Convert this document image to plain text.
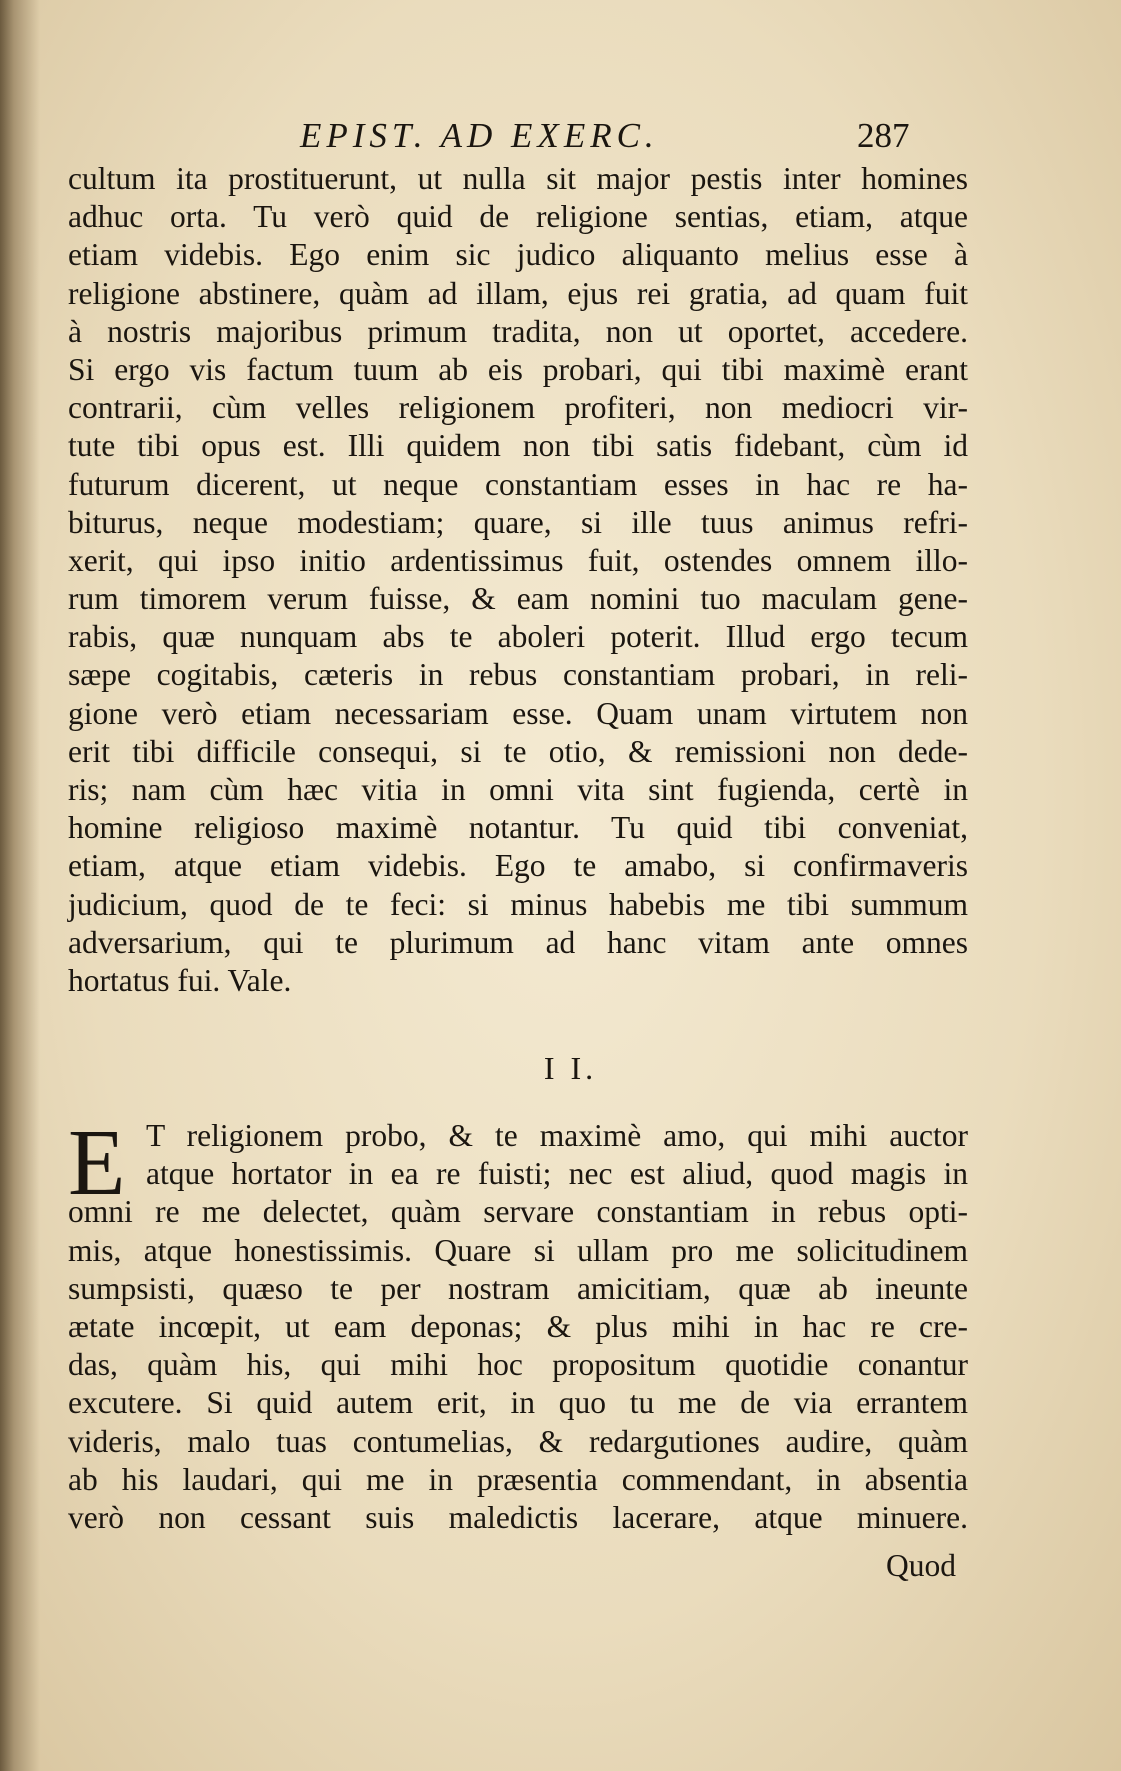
EPIST. AD EXERC.	287
cultum ita prostituerunt, ut nulla sit major pestis inter homines
adhuc orta. Tu verò quid de religione sentias, etiam, atque
etiam videbis. Ego enim sic judico aliquanto melius esse à
religione abstinere, quàm ad illam, ejus rei gratia, ad quam fuit
à nostris majoribus primum tradita, non ut oportet, accedere.
Si ergo vis factum tuum ab eis probari, qui tibi maximè erant
contrarii, cùm velles religionem profiteri, non mediocri vir-
tute tibi opus est. Illi quidem non tibi satis fidebant, cùm id
futurum dicerent, ut neque constantiam esses in hac re ha-
biturus, neque modestiam; quare, si ille tuus animus refri-
xerit, qui ipso initio ardentissimus fuit, ostendes omnem illo-
rum timorem verum fuisse, & eam nomini tuo maculam gene-
rabis, quæ nunquam abs te aboleri poterit. Illud ergo tecum
sæpe cogitabis, cæteris in rebus constantiam probari, in reli-
gione verò etiam necessariam esse. Quam unam virtutem non
erit tibi difficile consequi, si te otio, & remissioni non dede-
ris; nam cùm hæc vitia in omni vita sint fugienda, certè in
homine religioso maximè notantur. Tu quid tibi conveniat,
etiam, atque etiam videbis. Ego te amabo, si confirmaveris
judicium, quod de te feci: si minus habebis me tibi summum
adversarium, qui te plurimum ad hanc vitam ante omnes
hortatus fui. Vale.
I I.
E T religionem probo, & te maximè amo, qui mihi auctor
atque hortator in ea re fuisti; nec est aliud, quod magis in
omni re me delectet, quàm servare constantiam in rebus opti-
mis, atque honestissimis. Quare si ullam pro me solicitudinem
sumpsisti, quæso te per nostram amicitiam, quæ ab ineunte
ætate incœpit, ut eam deponas; & plus mihi in hac re cre-
das, quàm his, qui mihi hoc propositum quotidie conantur
excutere. Si quid autem erit, in quo tu me de via errantem
videris, malo tuas contumelias, & redargutiones audire, quàm
ab his laudari, qui me in præsentia commendant, in absentia
verò non cessant suis maledictis lacerare, atque minuere.
Quod
